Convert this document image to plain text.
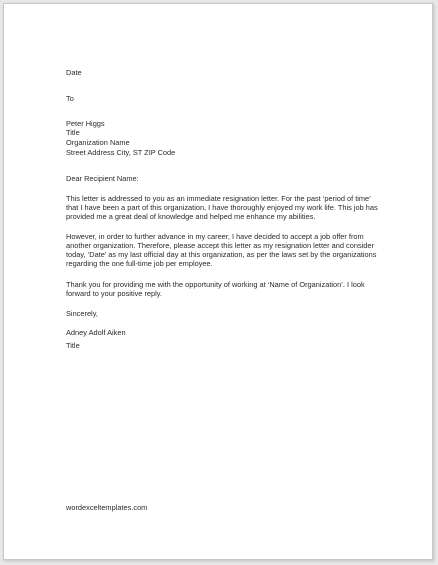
Date
To
Peter Higgs
Title
Organization Name
Street Address City, ST ZIP Code
Dear Recipient Name:
This letter is addressed to you as an immediate resignation letter. For the past ‘period of time’
that I have been a part of this organization, I have thoroughly enjoyed my work life. This job has
provided me a great deal of knowledge and helped me enhance my abilities.
However, in order to further advance in my career, I have decided to accept a job offer from
another organization. Therefore, please accept this letter as my resignation letter and consider
today, ‘Date’ as my last official day at this organization, as per the laws set by the organizations
regarding the one full-time job per employee.
Thank you for providing me with the opportunity of working at ‘Name of Organization’. I look
forward to your positive reply.
Sincerely,
Adney Adolf Aiken
Title
wordexceltemplates.com
